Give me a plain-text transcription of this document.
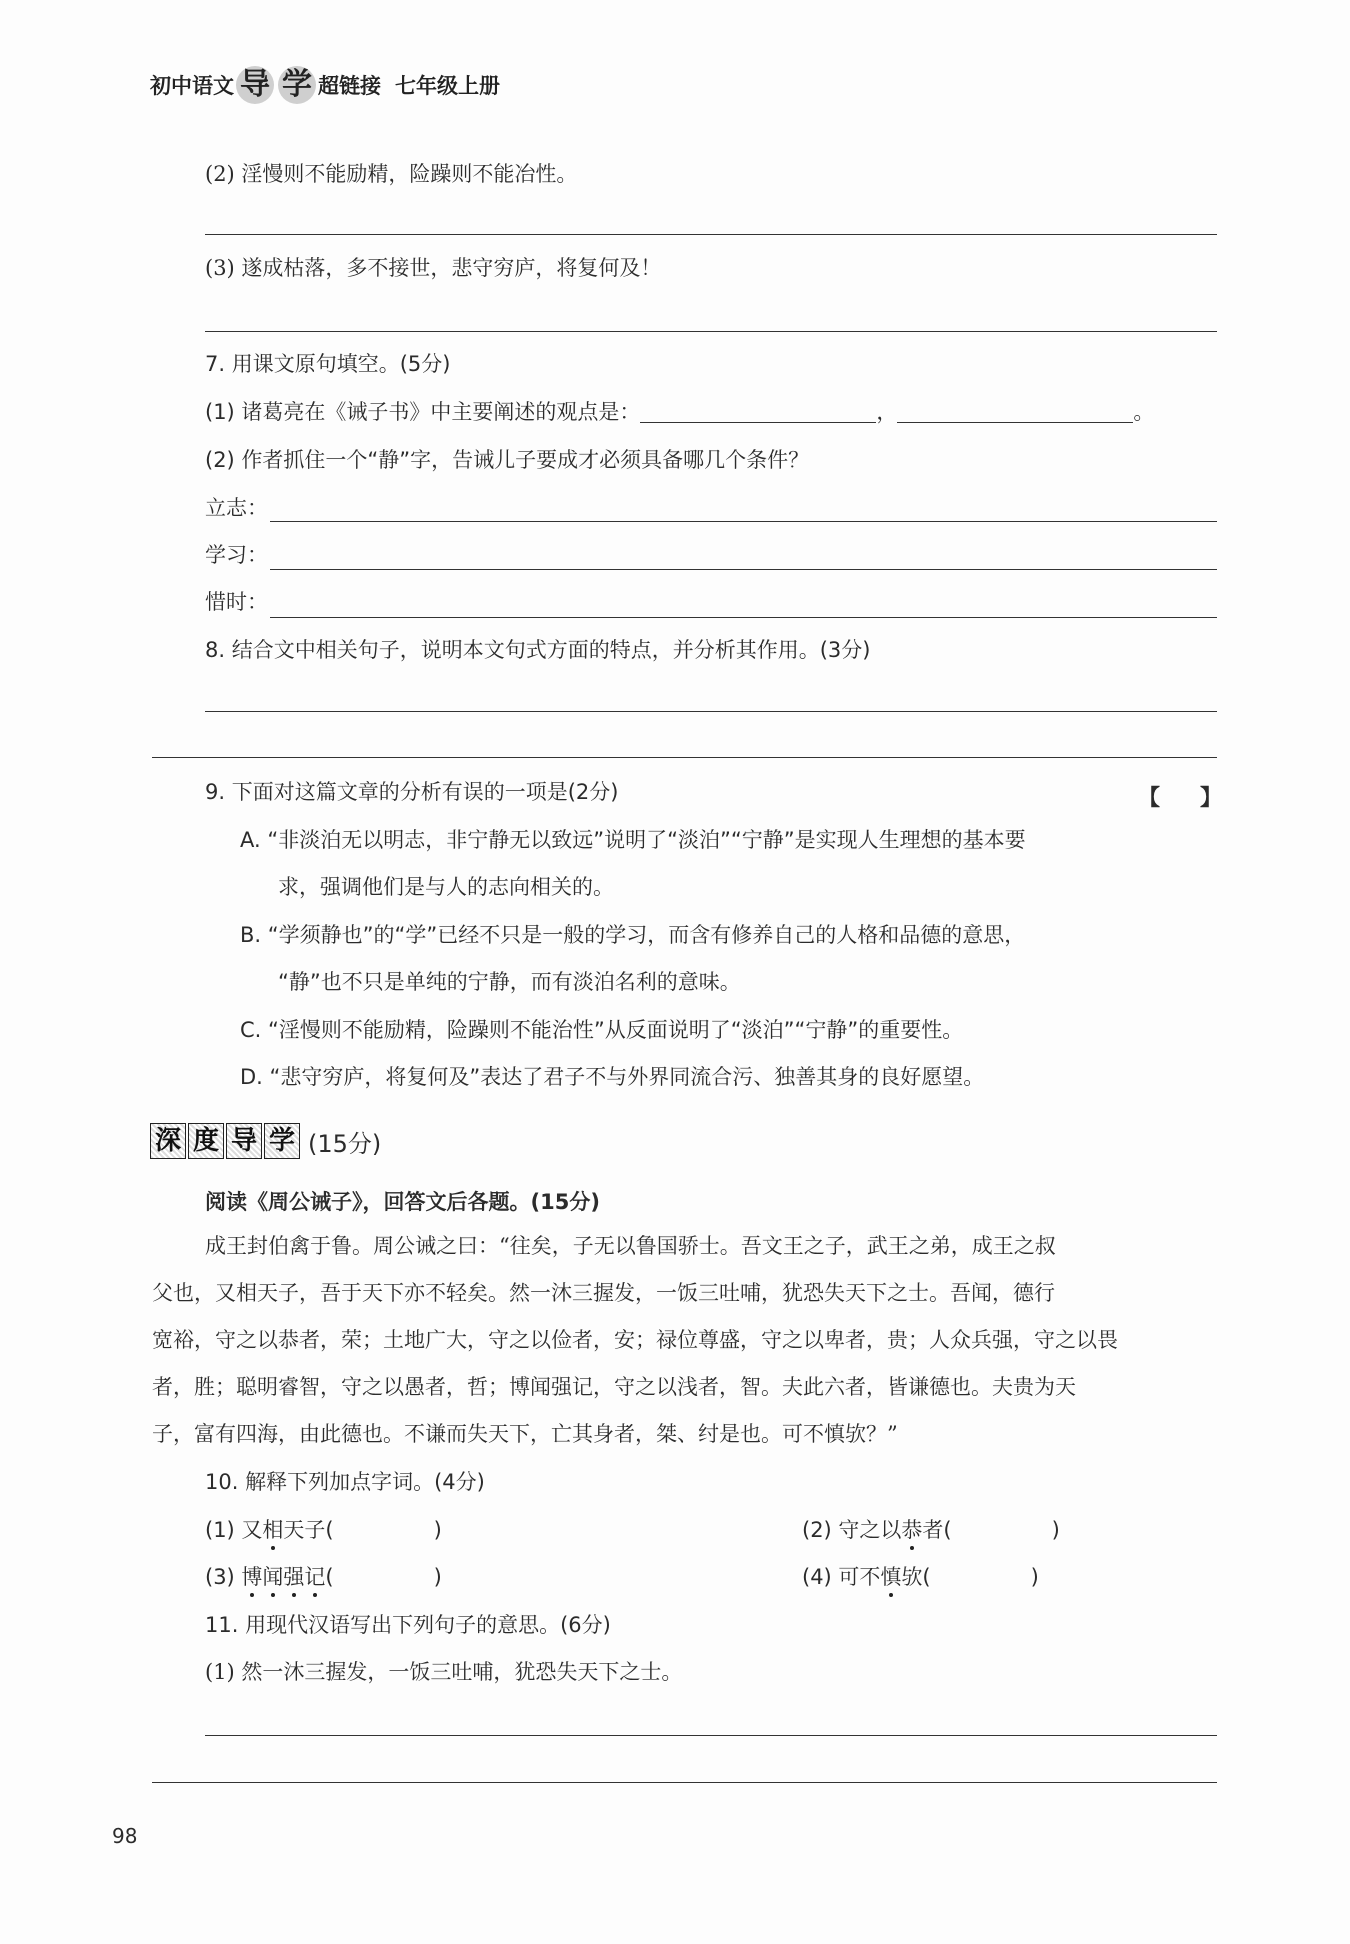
初中语文 导 学 超链接 七年级上册
(2) 淫慢则不能励精，险躁则不能冶性。
(3) 遂成枯落，多不接世，悲守穷庐，将复何及！
7. 用课文原句填空。(5分)
(1) 诸葛亮在《诫子书》中主要阐述的观点是：	，	。
(2) 作者抓住一个“静”字，告诫儿子要成才必须具备哪几个条件？
立志：
学习：
惜时：
8. 结合文中相关句子，说明本文句式方面的特点，并分析其作用。(3分)
9. 下面对这篇文章的分析有误的一项是(2分)	【 】
A. “非淡泊无以明志，非宁静无以致远”说明了“淡泊”“宁静”是实现人生理想的基本要
求，强调他们是与人的志向相关的。
B. “学须静也”的“学”已经不只是一般的学习，而含有修养自己的人格和品德的意思，
“静”也不只是单纯的宁静，而有淡泊名利的意味。
C. “淫慢则不能励精，险躁则不能治性”从反面说明了“淡泊”“宁静”的重要性。
D. “悲守穷庐，将复何及”表达了君子不与外界同流合污、独善其身的良好愿望。
深 度 导 学 (15分)
阅读《周公诫子》，回答文后各题。(15分)
成王封伯禽于鲁。周公诫之曰：“往矣，子无以鲁国骄士。吾文王之子，武王之弟，成王之叔
父也，又相天子，吾于天下亦不轻矣。然一沐三握发，一饭三吐哺，犹恐失天下之士。吾闻，德行
宽裕，守之以恭者，荣；土地广大，守之以俭者，安；禄位尊盛，守之以卑者，贵；人众兵强，守之以畏
者，胜；聪明睿智，守之以愚者，哲；博闻强记，守之以浅者，智。夫此六者，皆谦德也。夫贵为天
子，富有四海，由此德也。不谦而失天下，亡其身者，桀、纣是也。可不慎欤？”
10. 解释下列加点字词。(4分)
(1) 又相天子(	)	(2) 守之以恭者(	)
(3) 博闻强记(	)	(4) 可不慎欤(	)
11. 用现代汉语写出下列句子的意思。(6分)
(1) 然一沐三握发，一饭三吐哺，犹恐失天下之士。
98
